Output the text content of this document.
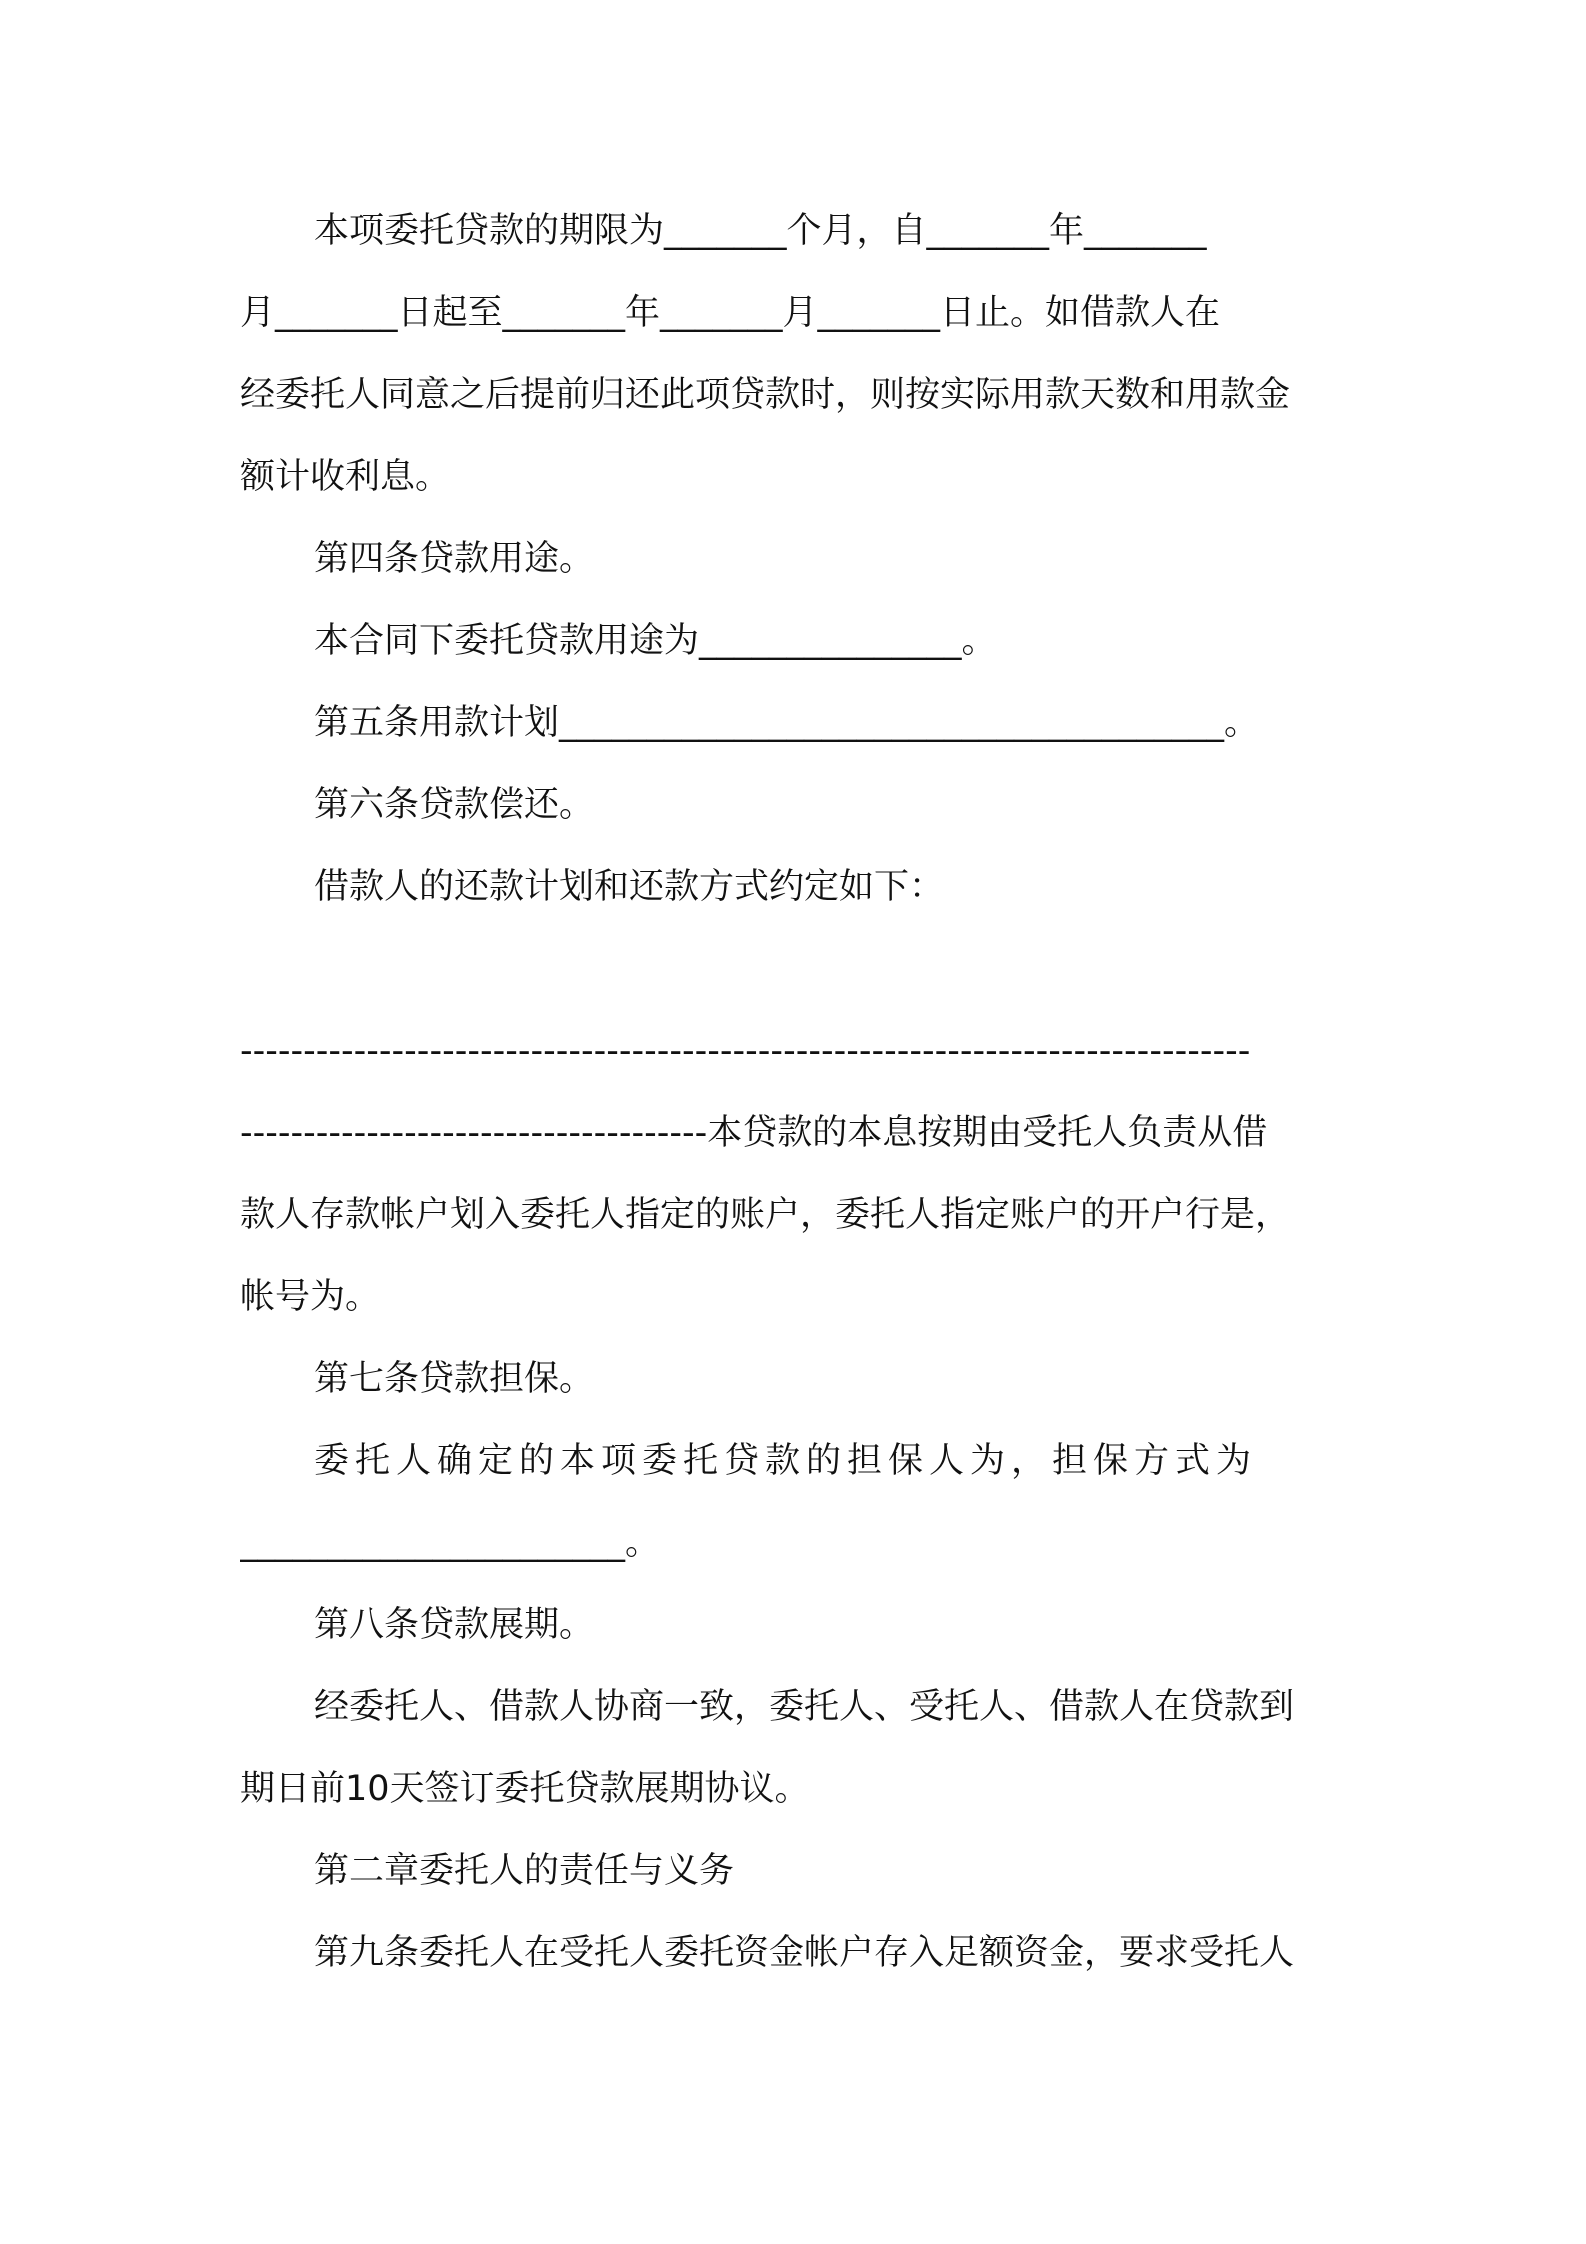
本项委托贷款的期限为_______个月，自_______年_______

月_______日起至_______年_______月_______日止。如借款人在

经委托人同意之后提前归还此项贷款时，则按实际用款天数和用款金

额计收利息。

第四条贷款用途。

本合同下委托贷款用途为_______________。

第五条用款计划______________________________________。

第六条贷款偿还。

借款人的还款计划和还款方式约定如下：

--------------------------------------------------------------------------------

-------------------------------------本贷款的本息按期由受托人负责从借

款人存款帐户划入委托人指定的账户，委托人指定账户的开户行是，

帐号为。

第七条贷款担保。

委托人确定的本项委托贷款的担保人为，担保方式为

______________________。

第八条贷款展期。

经委托人、借款人协商一致，委托人、受托人、借款人在贷款到

期日前10天签订委托贷款展期协议。

第二章委托人的责任与义务

第九条委托人在受托人委托资金帐户存入足额资金，要求受托人
